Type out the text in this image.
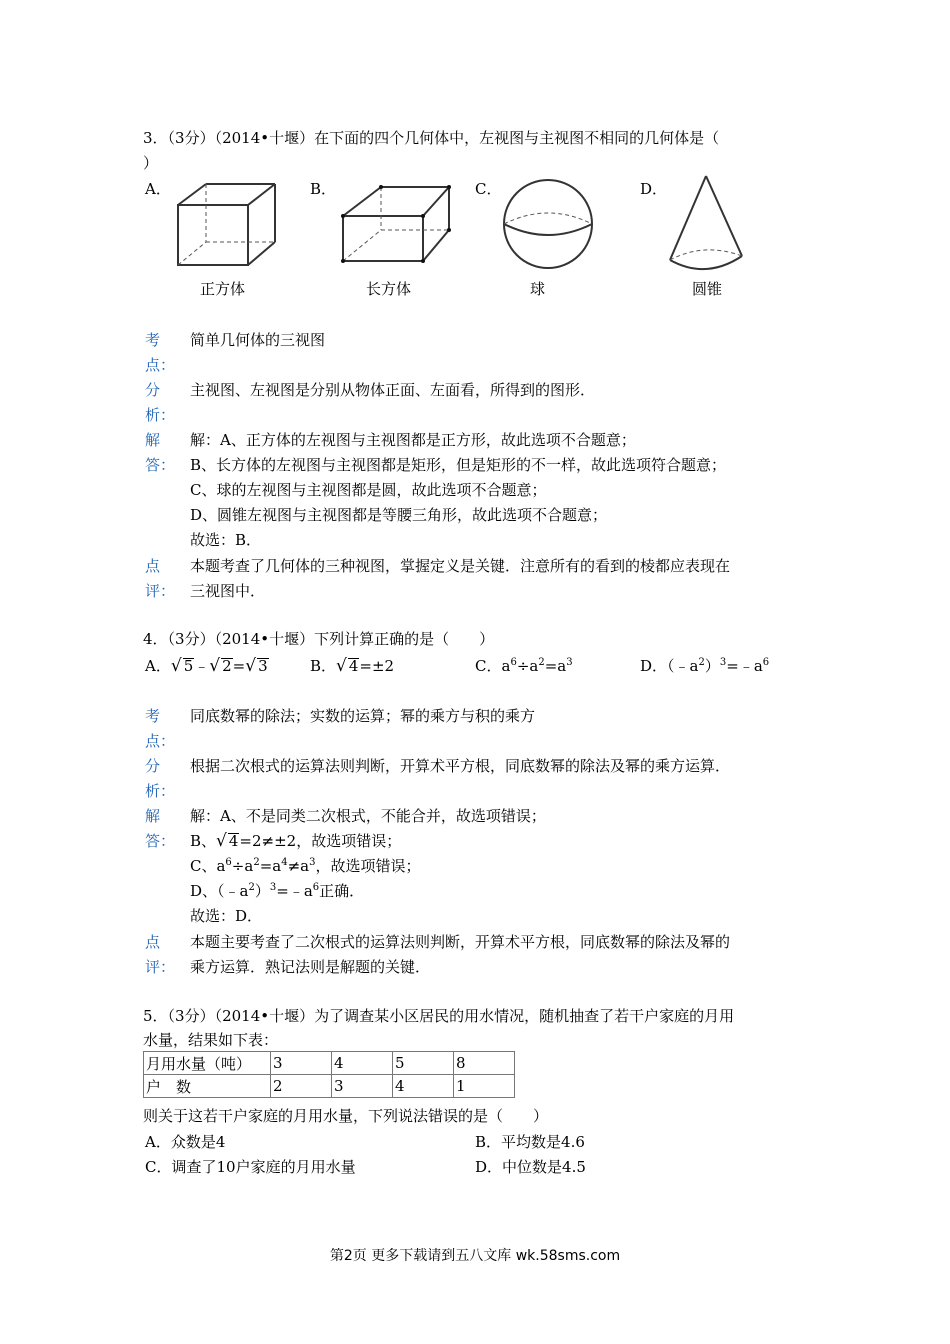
3．（3分）（2014•十堰）在下面的四个几何体中，左视图与主视图不相同的几何体是（
）
A．	B．	C．	D．
正方体	长方体	球	圆锥
考
点：
简单几何体的三视图
分
析：
主视图、左视图是分别从物体正面、左面看，所得到的图形．
解
答：
解：A、正方体的左视图与主视图都是正方形，故此选项不合题意；
B、长方体的左视图与主视图都是矩形，但是矩形的不一样，故此选项符合题意；
C、球的左视图与主视图都是圆，故此选项不合题意；
D、圆锥左视图与主视图都是等腰三角形，故此选项不合题意；
故选：B．
点
评：
本题考查了几何体的三种视图，掌握定义是关键．注意所有的看到的棱都应表现在
三视图中．
4．（3分）（2014•十堰）下列计算正确的是（　　）
A．√ 5﹣√ 2=√ 3	B．√ 4=±2	C．$a^6\div a^2=a^3$	D．$(﹣a^2)^3=﹣a^6$
考
点：
同底数幂的除法；实数的运算；幂的乘方与积的乘方
分
析：
根据二次根式的运算法则判断，开算术平方根，同底数幂的除法及幂的乘方运算．
解
答：
解：A、不是同类二次根式，不能合并，故选项错误；
B、√ 4=2≠±2，故选项错误；
C、$a^6\div a^2=a^4\ne a^3$，故选项错误；
D、$(﹣a^2)^3=﹣a^6$正确．
故选：D．
点
评：
本题主要考查了二次根式的运算法则判断，开算术平方根，同底数幂的除法及幂的
乘方运算．熟记法则是解题的关键．
5．（3分）（2014•十堰）为了调查某小区居民的用水情况，随机抽查了若干户家庭的月用
水量，结果如下表：
月用水量（吨）	3	4	5	8
户　数	2	3	4	1
则关于这若干户家庭的月用水量，下列说法错误的是（　　）
A．众数是4	B．平均数是4.6
C．调查了10户家庭的月用水量	D．中位数是4.5
第2页 更多下载请到五八文库 wk.58sms.com
